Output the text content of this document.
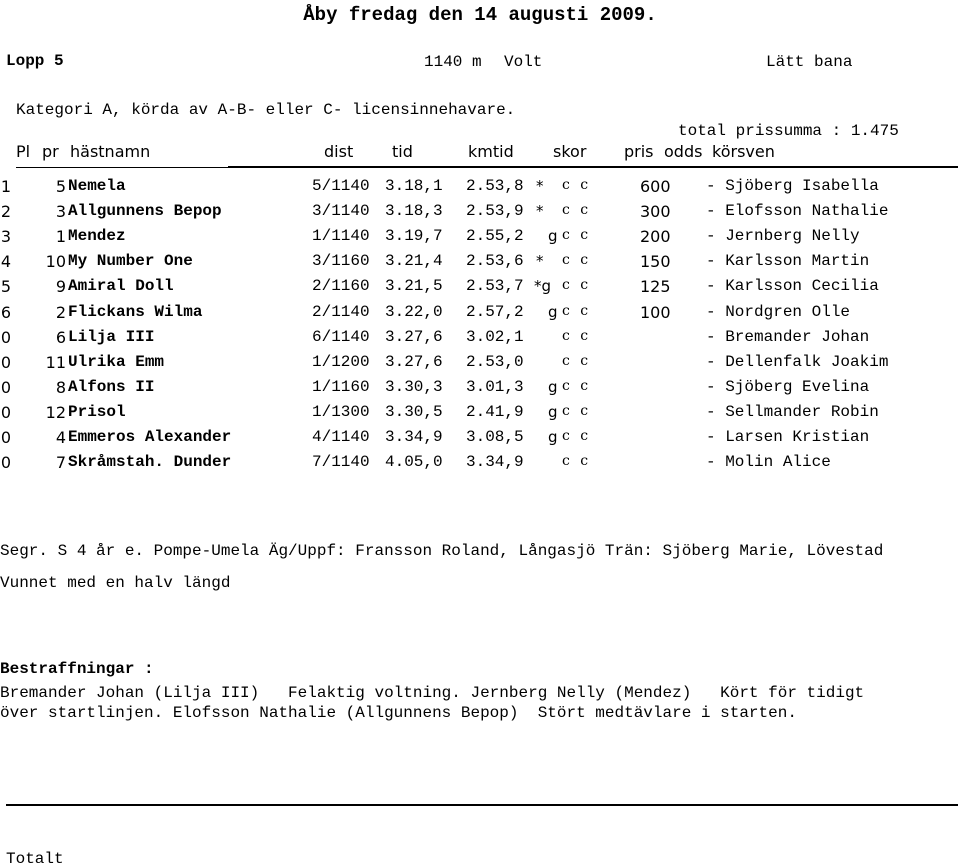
Åby fredag den 14 augusti 2009.
Lopp 5	1140 m Volt	Lätt bana
Kategori A, körda av A-B- eller C- licensinnehavare.
total prissumma : 1.475
Pl pr hästnamn	dist tid	kmtid skor pris odds körsven
1	5 Nemela	5/1140 3.18,1 2.53,8 * c c	600 - Sjöberg Isabella
2	3 Allgunnens Bepop	3/1140 3.18,3 2.53,9 * c c	300 - Elofsson Nathalie
3	1 Mendez	1/1140 3.19,7 2.55,2 g c c	200 - Jernberg Nelly
4 10 My Number One	3/1160 3.21,4 2.53,6 * c c	150 - Karlsson Martin
5	9 Amiral Doll	2/1160 3.21,5 2.53,7 *g c c	125 - Karlsson Cecilia
6	2 Flickans Wilma	2/1140 3.22,0 2.57,2 g c c	100 - Nordgren Olle
0	6 Lilja III	6/1140 3.27,6 3.02,1	c c	- Bremander Johan
0 11 Ulrika Emm	1/1200 3.27,6 2.53,0	c c	- Dellenfalk Joakim
0	8 Alfons II	1/1160 3.30,3 3.01,3 g c c	- Sjöberg Evelina
0 12 Prisol	1/1300 3.30,5 2.41,9 g c c	- Sellmander Robin
0	4 Emmeros Alexander	4/1140 3.34,9 3.08,5 g c c	- Larsen Kristian
0	7 Skråmstah. Dunder	7/1140 4.05,0 3.34,9	c c	- Molin Alice
Segr. S 4 år e. Pompe-Umela Äg/Uppf: Fransson Roland, Långasjö Trän: Sjöberg Marie, Lövestad
Vunnet med en halv längd
Bestraffningar :
Bremander Johan (Lilja III)   Felaktig voltning. Jernberg Nelly (Mendez)   Kört för tidigt
över startlinjen. Elofsson Nathalie (Allgunnens Bepop)  Stört medtävlare i starten.
Totalt
